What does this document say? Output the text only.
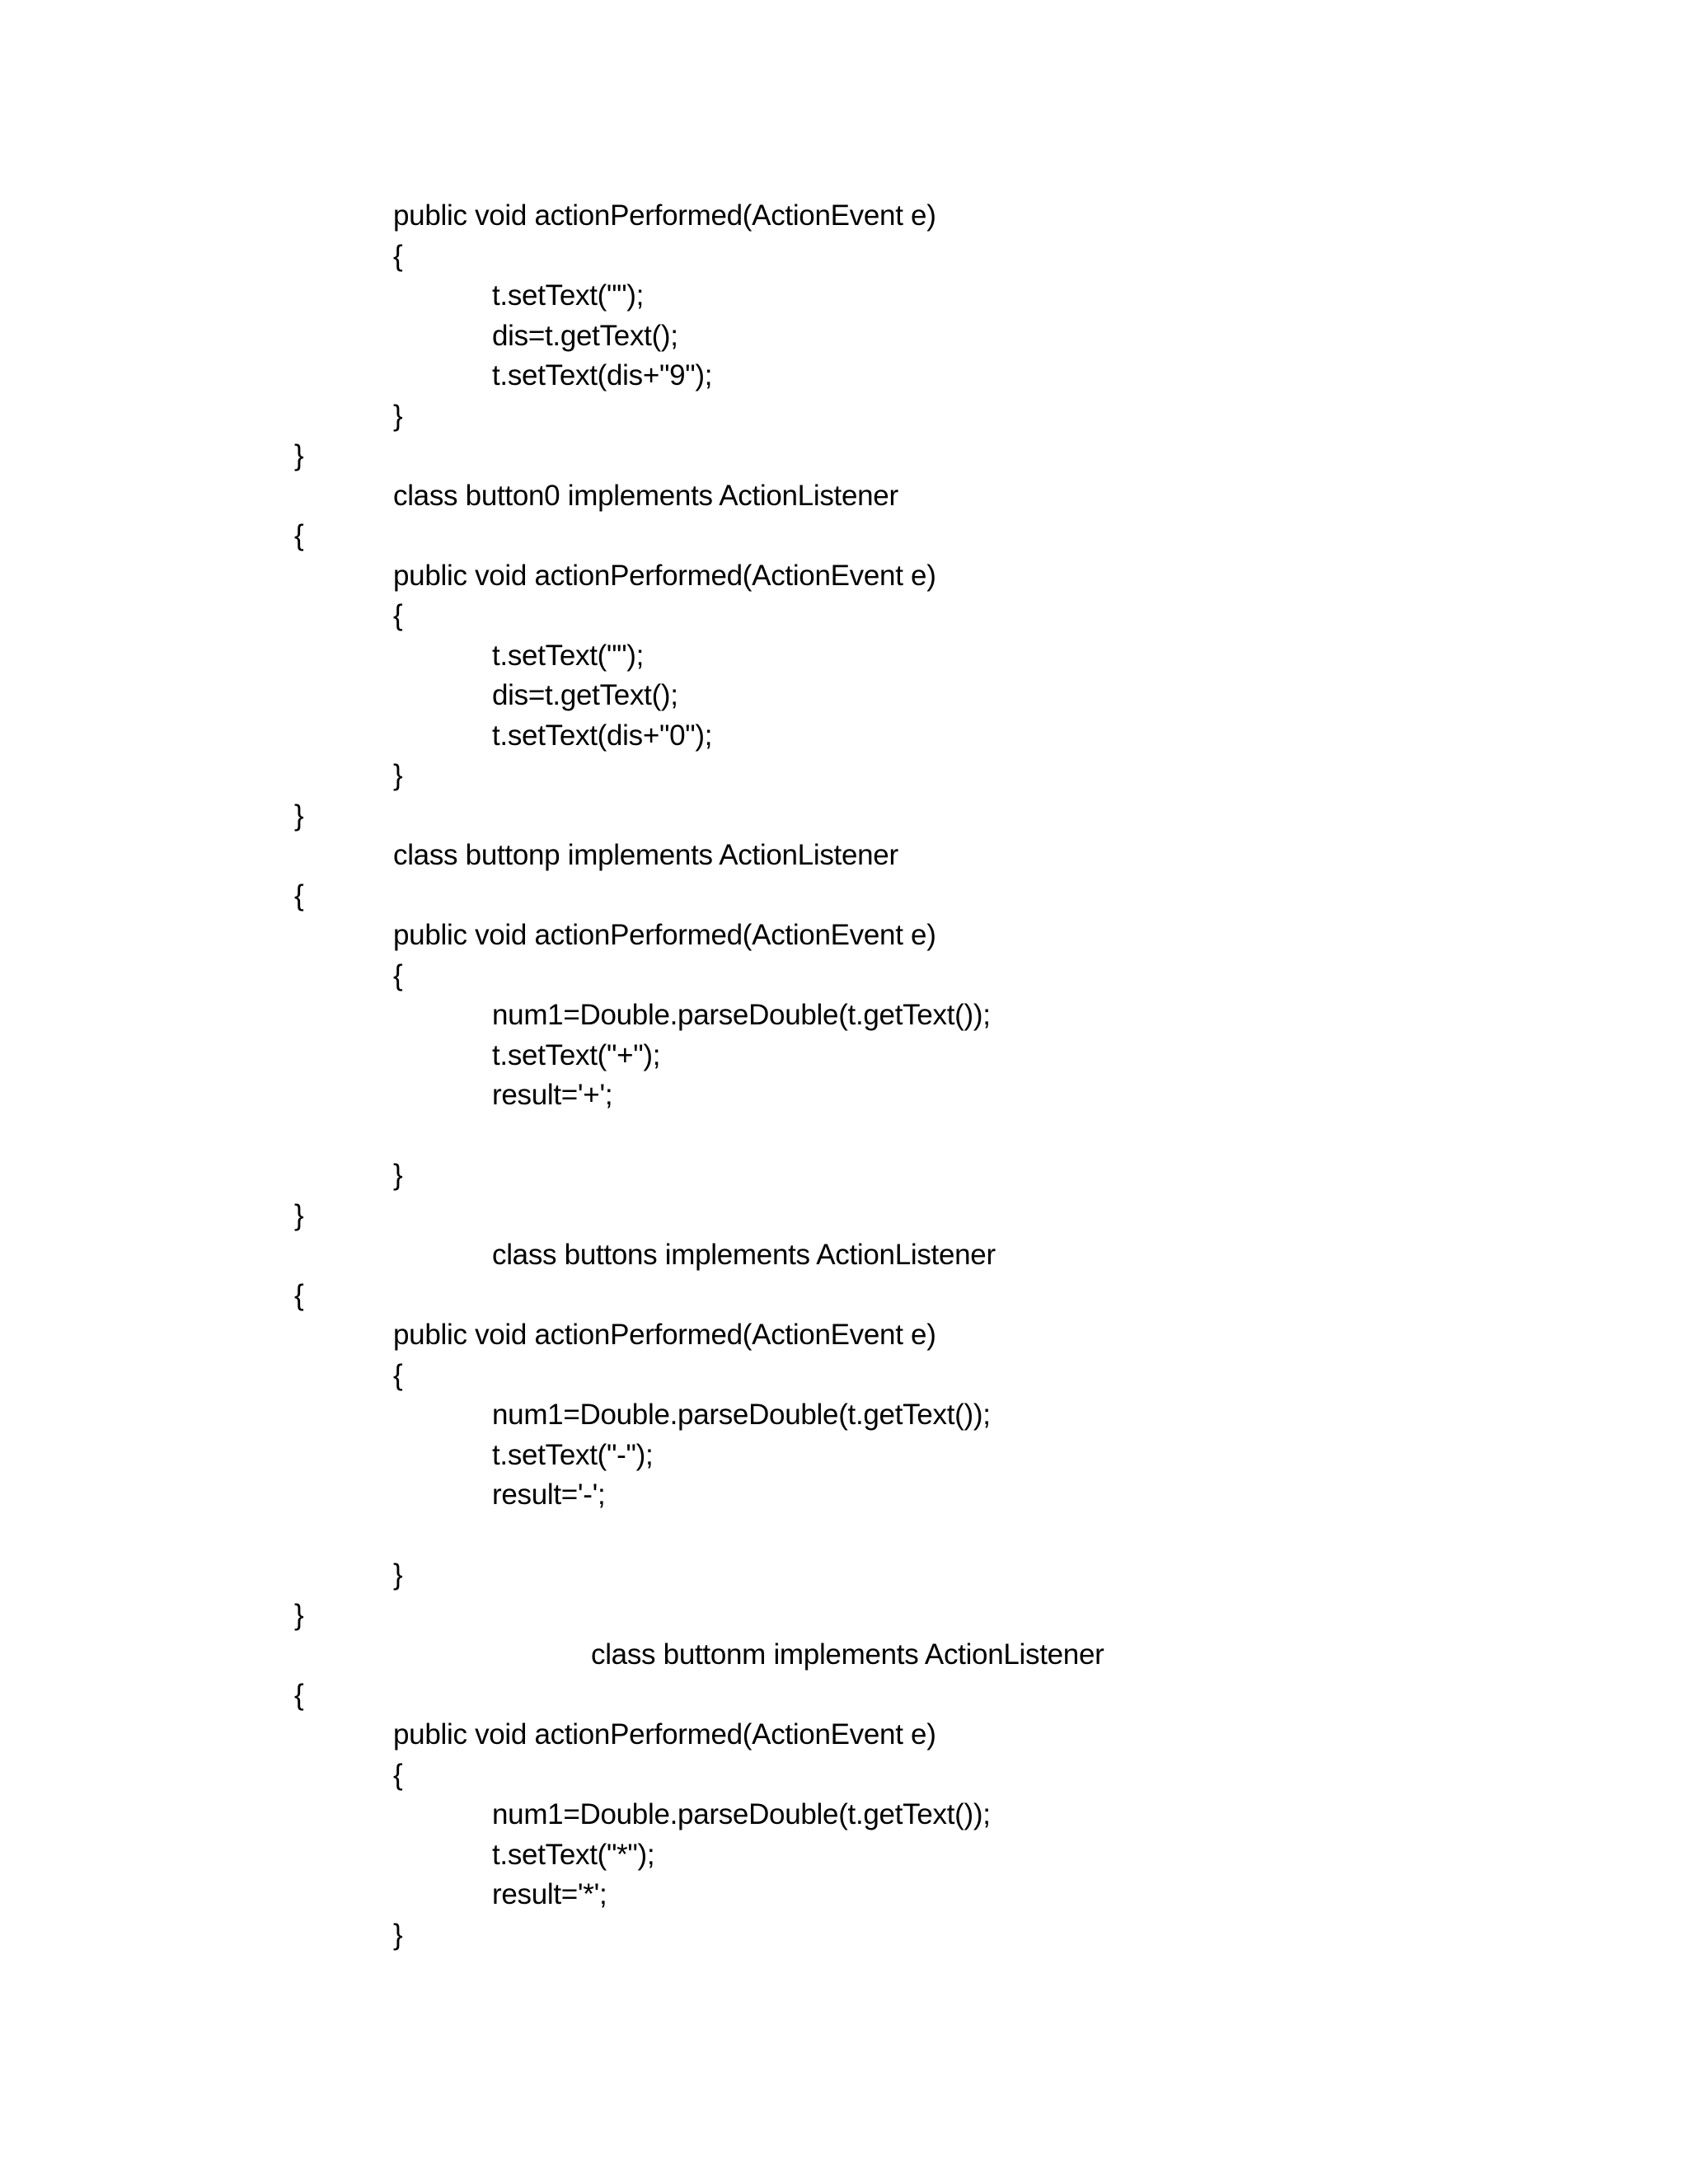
public void actionPerformed(ActionEvent e)
{
t.setText("");
dis=t.getText();
t.setText(dis+"9");
}
}
class button0 implements ActionListener
{
public void actionPerformed(ActionEvent e)
{
t.setText("");
dis=t.getText();
t.setText(dis+"0");
}
}
class buttonp implements ActionListener
{
public void actionPerformed(ActionEvent e)
{
num1=Double.parseDouble(t.getText());
t.setText("+");
result='+';
}
}
class buttons implements ActionListener
{
public void actionPerformed(ActionEvent e)
{
num1=Double.parseDouble(t.getText());
t.setText("-");
result='-';
}
}
class buttonm implements ActionListener
{
public void actionPerformed(ActionEvent e)
{
num1=Double.parseDouble(t.getText());
t.setText("*");
result='*';
}
